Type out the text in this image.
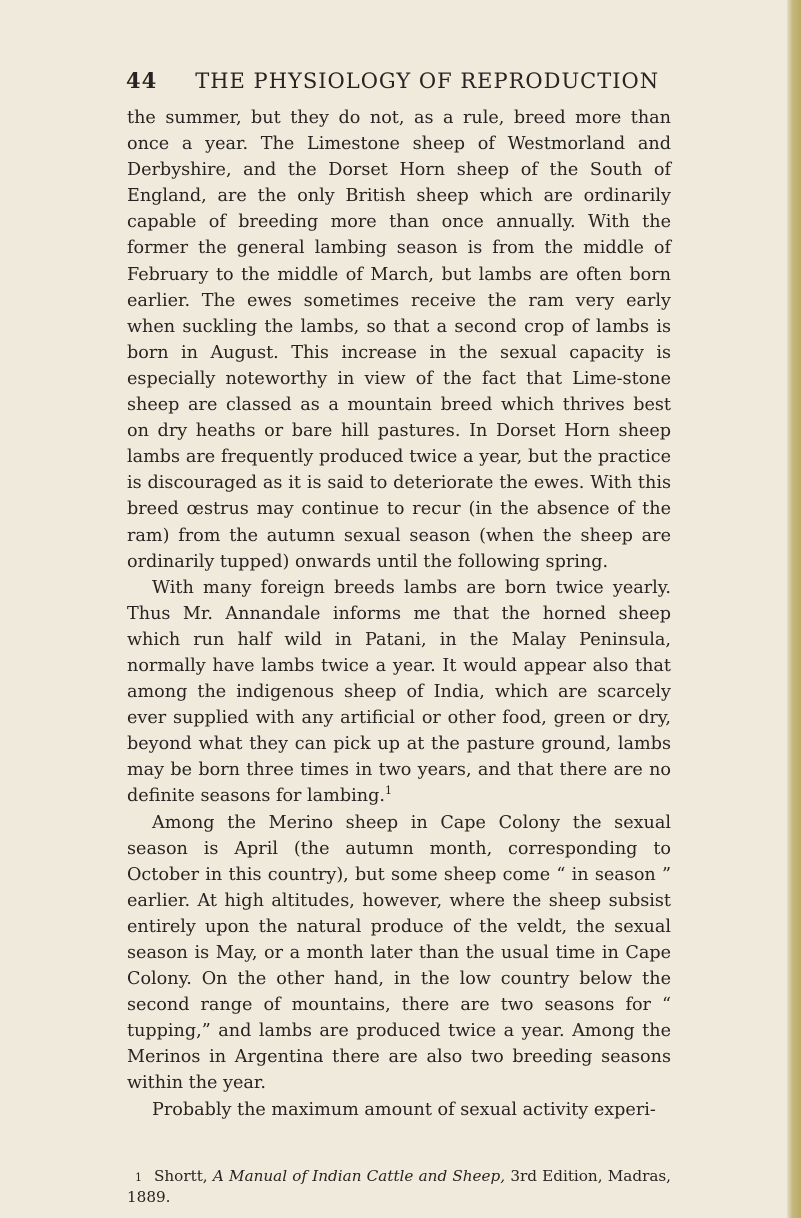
44 THE PHYSIOLOGY OF REPRODUCTION

the summer, but they do not, as a rule, breed more than once a year. The Limestone sheep of Westmorland and Derbyshire, and the Dorset Horn sheep of the South of England, are the only British sheep which are ordinarily capable of breeding more than once annually. With the former the general lambing season is from the middle of February to the middle of March, but lambs are often born earlier. The ewes sometimes receive the ram very early when suckling the lambs, so that a second crop of lambs is born in August. This increase in the sexual capacity is especially noteworthy in view of the fact that Lime-stone sheep are classed as a mountain breed which thrives best on dry heaths or bare hill pastures. In Dorset Horn sheep lambs are frequently produced twice a year, but the practice is discouraged as it is said to deteriorate the ewes. With this breed œstrus may continue to recur (in the absence of the ram) from the autumn sexual season (when the sheep are ordinarily tupped) onwards until the following spring.

With many foreign breeds lambs are born twice yearly. Thus Mr. Annandale informs me that the horned sheep which run half wild in Patani, in the Malay Peninsula, normally have lambs twice a year. It would appear also that among the indigenous sheep of India, which are scarcely ever supplied with any artificial or other food, green or dry, beyond what they can pick up at the pasture ground, lambs may be born three times in two years, and that there are no definite seasons for lambing.$^1$

Among the Merino sheep in Cape Colony the sexual season is April (the autumn month, corresponding to October in this country), but some sheep come “ in season ” earlier. At high altitudes, however, where the sheep subsist entirely upon the natural produce of the veldt, the sexual season is May, or a month later than the usual time in Cape Colony. On the other hand, in the low country below the second range of mountains, there are two seasons for “ tupping,” and lambs are produced twice a year. Among the Merinos in Argentina there are also two breeding seasons within the year.

Probably the maximum amount of sexual activity experi-

$^1$ Shortt, A Manual of Indian Cattle and Sheep, 3rd Edition, Madras, 1889.
